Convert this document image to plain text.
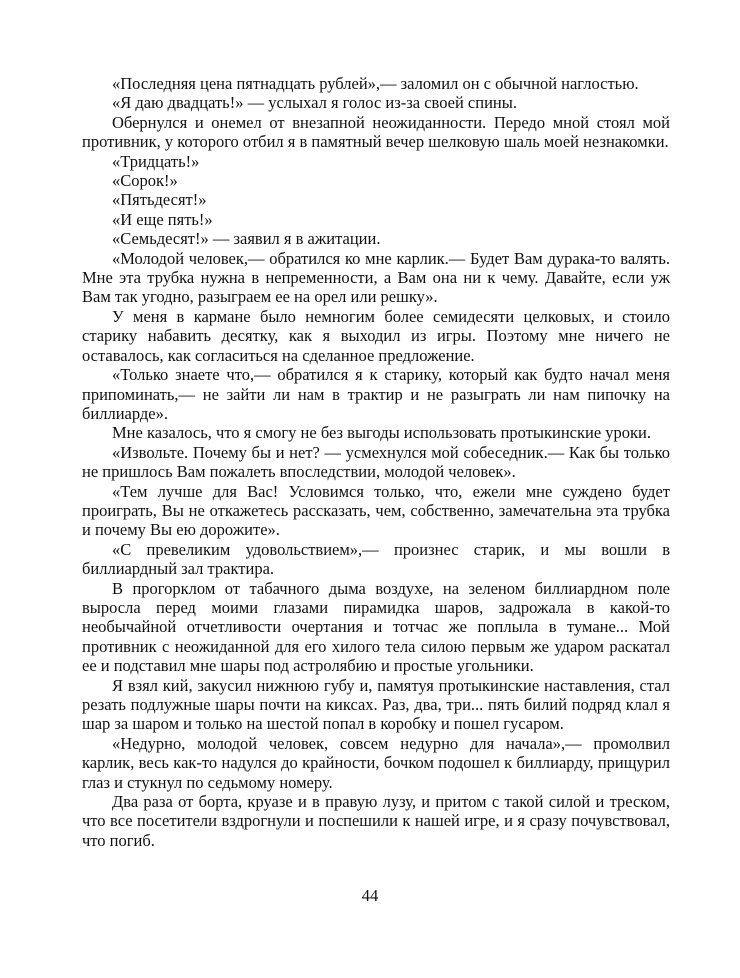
«Последняя цена пятнадцать рублей»,— заломил он с обычной наглостью.

«Я даю двадцать!» — услыхал я голос из-за своей спины.

Обернулся и онемел от внезапной неожиданности. Передо мной стоял мой противник, у которого отбил я в памятный вечер шелковую шаль моей незнакомки.

«Тридцать!»

«Сорок!»

«Пятьдесят!»

«И еще пять!»

«Семьдесят!» — заявил я в ажитации.

«Молодой человек,— обратился ко мне карлик.— Будет Вам дурака-то валять. Мне эта трубка нужна в непременности, а Вам она ни к чему. Давайте, если уж Вам так угодно, разыграем ее на орел или решку».

У меня в кармане было немногим более семидесяти целковых, и стоило старику набавить десятку, как я выходил из игры. Поэтому мне ничего не оставалось, как согласиться на сделанное предложение.

«Только знаете что,— обратился я к старику, который как будто начал меня припоминать,— не зайти ли нам в трактир и не разыграть ли нам пипочку на биллиарде».

Мне казалось, что я смогу не без выгоды использовать протыкинские уроки.

«Извольте. Почему бы и нет? — усмехнулся мой собеседник.— Как бы только не пришлось Вам пожалеть впоследствии, молодой человек».

«Тем лучше для Вас! Условимся только, что, ежели мне суждено будет проиграть, Вы не откажетесь рассказать, чем, собственно, замечательна эта трубка и почему Вы ею дорожите».

«С превеликим удовольствием»,— произнес старик, и мы вошли в биллиардный зал трактира.

В прогорклом от табачного дыма воздухе, на зеленом биллиардном поле выросла перед моими глазами пирамидка шаров, задрожала в какой-то необычайной отчетливости очертания и тотчас же поплыла в тумане... Мой противник с неожиданной для его хилого тела силою первым же ударом раскатал ее и подставил мне шары под астролябию и простые угольники.

Я взял кий, закусил нижнюю губу и, памятуя протыкинские наставления, стал резать подлужные шары почти на киксах. Раз, два, три... пять билий подряд клал я шар за шаром и только на шестой попал в коробку и пошел гусаром.

«Недурно, молодой человек, совсем недурно для начала»,— промолвил карлик, весь как-то надулся до крайности, бочком подошел к биллиарду, прищурил глаз и стукнул по седьмому номеру.

Два раза от борта, круазе и в правую лузу, и притом с такой силой и треском, что все посетители вздрогнули и поспешили к нашей игре, и я сразу почувствовал, что погиб.

44
